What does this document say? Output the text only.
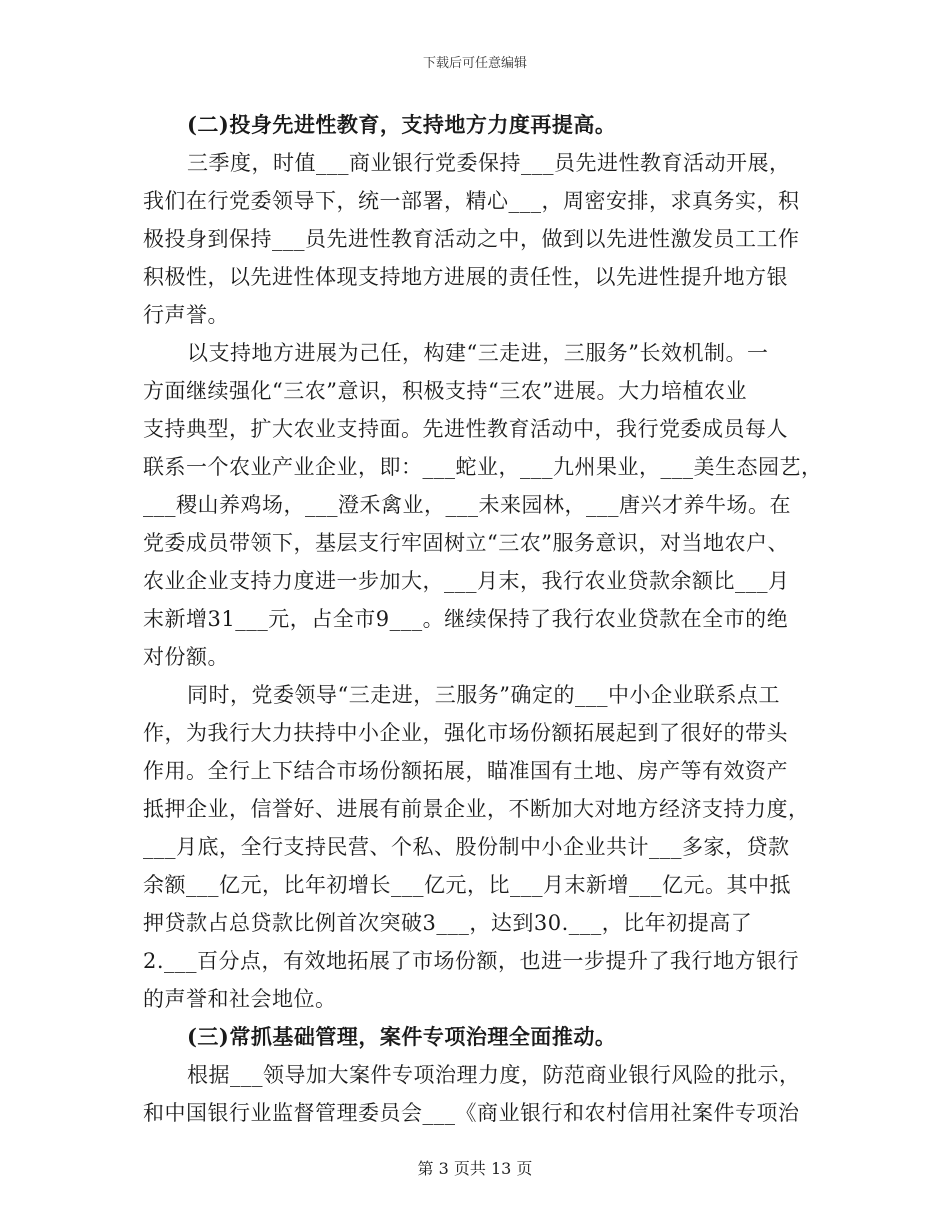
下载后可任意编辑
(二)投身先进性教育，支持地方力度再提高。
三季度，时值___商业银行党委保持___员先进性教育活动开展，
我们在行党委领导下，统一部署，精心___，周密安排，求真务实，积
极投身到保持___员先进性教育活动之中，做到以先进性激发员工工作
积极性，以先进性体现支持地方进展的责任性，以先进性提升地方银
行声誉。
以支持地方进展为己任，构建“三走进，三服务”长效机制。一
方面继续强化“三农”意识，积极支持“三农”进展。大力培植农业
支持典型，扩大农业支持面。先进性教育活动中，我行党委成员每人
联系一个农业产业企业，即：___蛇业，___九州果业，___美生态园艺，
___稷山养鸡场，___澄禾禽业，___未来园林，___唐兴才养牛场。在
党委成员带领下，基层支行牢固树立“三农”服务意识，对当地农户、
农业企业支持力度进一步加大，___月末，我行农业贷款余额比___月
末新增31___元，占全市9___。继续保持了我行农业贷款在全市的绝
对份额。
同时，党委领导“三走进，三服务”确定的___中小企业联系点工
作，为我行大力扶持中小企业，强化市场份额拓展起到了很好的带头
作用。全行上下结合市场份额拓展，瞄准国有土地、房产等有效资产
抵押企业，信誉好、进展有前景企业，不断加大对地方经济支持力度，
___月底，全行支持民营、个私、股份制中小企业共计___多家，贷款
余额___亿元，比年初增长___亿元，比___月末新增___亿元。其中抵
押贷款占总贷款比例首次突破3___，达到30.___，比年初提高了
2.___百分点，有效地拓展了市场份额，也进一步提升了我行地方银行
的声誉和社会地位。
(三)常抓基础管理，案件专项治理全面推动。
根据___领导加大案件专项治理力度，防范商业银行风险的批示，
和中国银行业监督管理委员会___《商业银行和农村信用社案件专项治
第 3 页共 13 页
